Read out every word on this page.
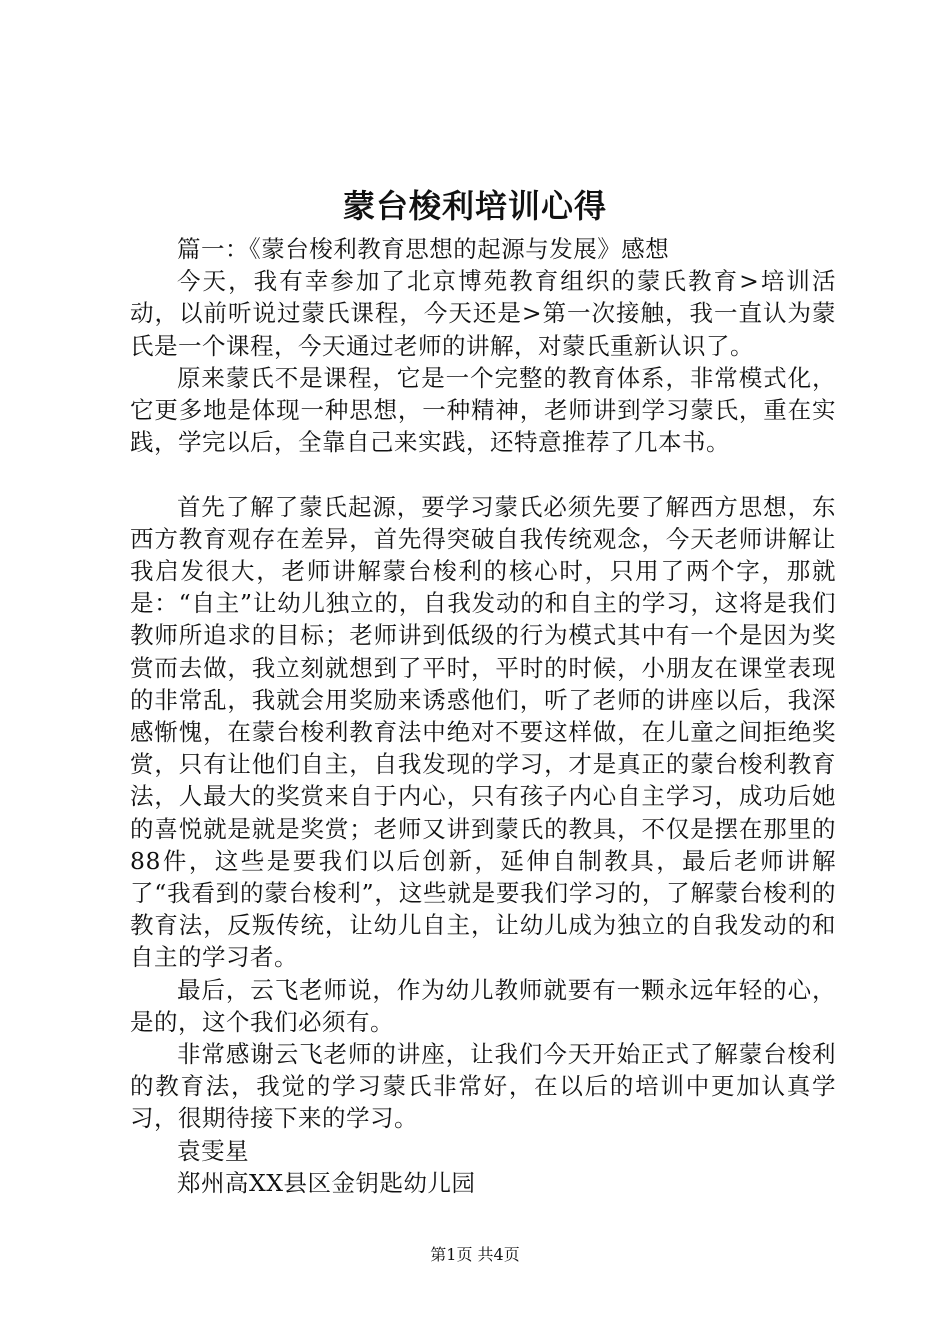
蒙台梭利培训心得

篇一：《蒙台梭利教育思想的起源与发展》感想

今天，我有幸参加了北京博苑教育组织的蒙氏教育>培训活动，以前听说过蒙氏课程，今天还是>第一次接触，我一直认为蒙氏是一个课程，今天通过老师的讲解，对蒙氏重新认识了。

原来蒙氏不是课程，它是一个完整的教育体系，非常模式化，它更多地是体现一种思想，一种精神，老师讲到学习蒙氏，重在实践，学完以后，全靠自己来实践，还特意推荐了几本书。

首先了解了蒙氏起源，要学习蒙氏必须先要了解西方思想，东西方教育观存在差异，首先得突破自我传统观念，今天老师讲解让我启发很大，老师讲解蒙台梭利的核心时，只用了两个字，那就是：“自主”让幼儿独立的，自我发动的和自主的学习，这将是我们教师所追求的目标；老师讲到低级的行为模式其中有一个是因为奖赏而去做，我立刻就想到了平时，平时的时候，小朋友在课堂表现的非常乱，我就会用奖励来诱惑他们，听了老师的讲座以后，我深感惭愧，在蒙台梭利教育法中绝对不要这样做，在儿童之间拒绝奖赏，只有让他们自主，自我发现的学习，才是真正的蒙台梭利教育法，人最大的奖赏来自于内心，只有孩子内心自主学习，成功后她的喜悦就是就是奖赏；老师又讲到蒙氏的教具，不仅是摆在那里的88件，这些是要我们以后创新，延伸自制教具，最后老师讲解了“我看到的蒙台梭利”，这些就是要我们学习的，了解蒙台梭利的教育法，反叛传统，让幼儿自主，让幼儿成为独立的自我发动的和自主的学习者。

最后，云飞老师说，作为幼儿教师就要有一颗永远年轻的心，是的，这个我们必须有。

非常感谢云飞老师的讲座，让我们今天开始正式了解蒙台梭利的教育法，我觉的学习蒙氏非常好，在以后的培训中更加认真学习，很期待接下来的学习。

袁雯星

郑州高XX县区金钥匙幼儿园

第1页 共4页
